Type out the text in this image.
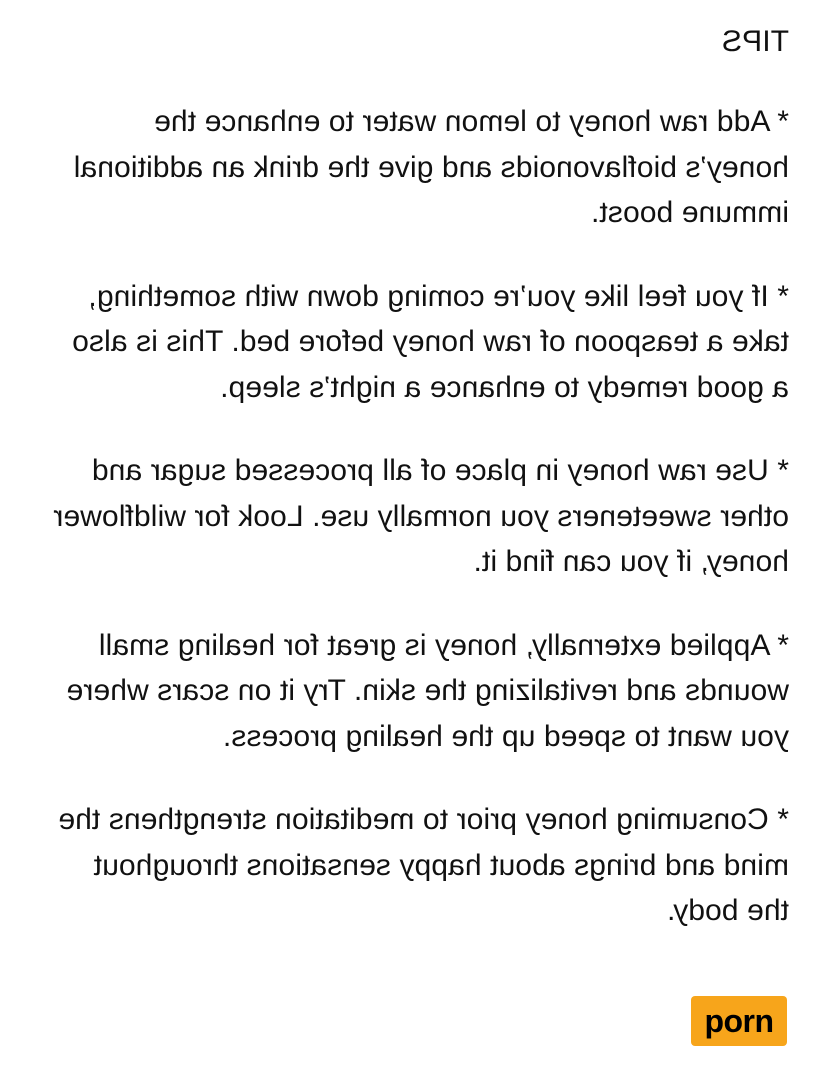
TIPS

* Add raw honey to lemon water to enhance the honey’s bioflavonoids and give the drink an additional immune boost.

* If you feel like you’re coming down with something, take a teaspoon of raw honey before bed. This is also a good remedy to enhance a night’s sleep.

* Use raw honey in place of all processed sugar and other sweeteners you normally use. Look for wildflower honey, if you can find it.

* Applied externally, honey is great for healing small wounds and revitalizing the skin. Try it on scars where you want to speed up the healing process.

* Consuming honey prior to meditation strengthens the mind and brings about happy sensations throughout the body.

porn
